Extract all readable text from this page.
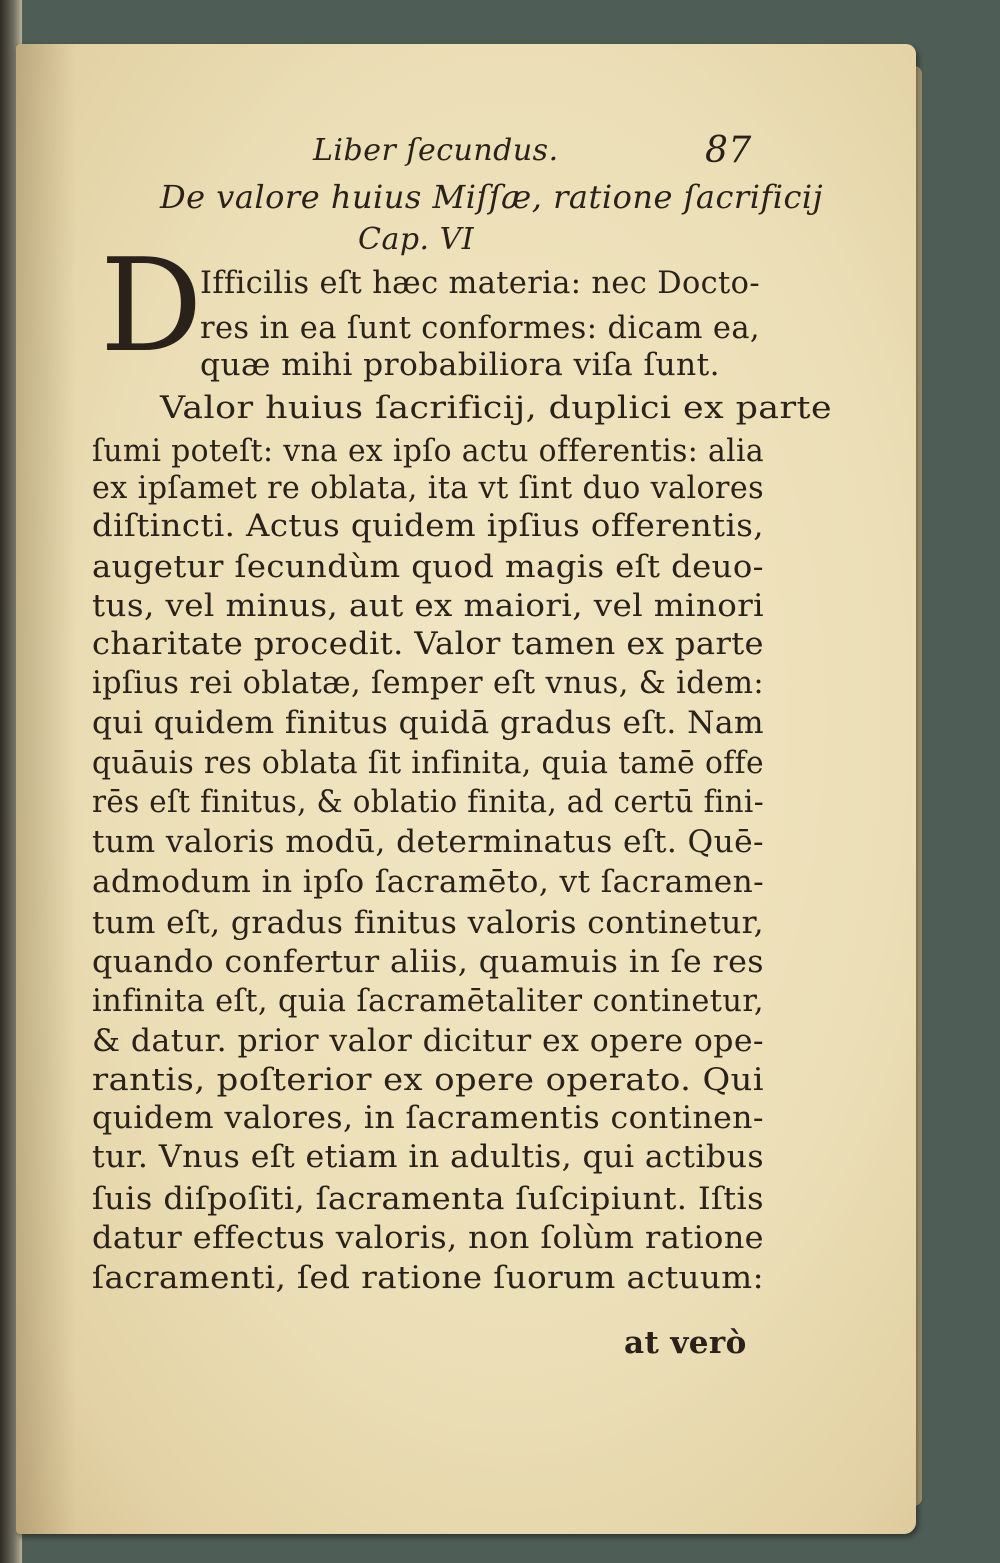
Liber ſecundus.	87
De valore huius Miſſæ, ratione ſacrificij
Cap. VI
D
Ifficilis eſt hæc materia: nec Docto-
res in ea ſunt conformes: dicam ea,
quæ mihi probabiliora viſa ſunt.
Valor huius ſacrificij, duplici ex parte
ſumi poteſt: vna ex ipſo actu offerentis: alia
ex ipſamet re oblata, ita vt ſint duo valores
diſtincti. Actus quidem ipſius offerentis,
augetur ſecundùm quod magis eſt deuo-
tus, vel minus, aut ex maiori, vel minori
charitate procedit. Valor tamen ex parte
ipſius rei oblatæ, ſemper eſt vnus, & idem:
qui quidem finitus quidā gradus eſt. Nam
quāuis res oblata ſit infinita, quia tamē offe
rēs eſt finitus, & oblatio finita, ad certū fini-
tum valoris modū, determinatus eſt. Quē-
admodum in ipſo ſacramēto, vt ſacramen-
tum eſt, gradus finitus valoris continetur,
quando confertur aliis, quamuis in ſe res
infinita eſt, quia ſacramētaliter continetur,
& datur. prior valor dicitur ex opere ope-
rantis, poſterior ex opere operato. Qui
quidem valores, in ſacramentis continen-
tur. Vnus eſt etiam in adultis, qui actibus
ſuis diſpoſiti, ſacramenta ſuſcipiunt. Iſtis
datur effectus valoris, non ſolùm ratione
ſacramenti, ſed ratione ſuorum actuum:
at verò
